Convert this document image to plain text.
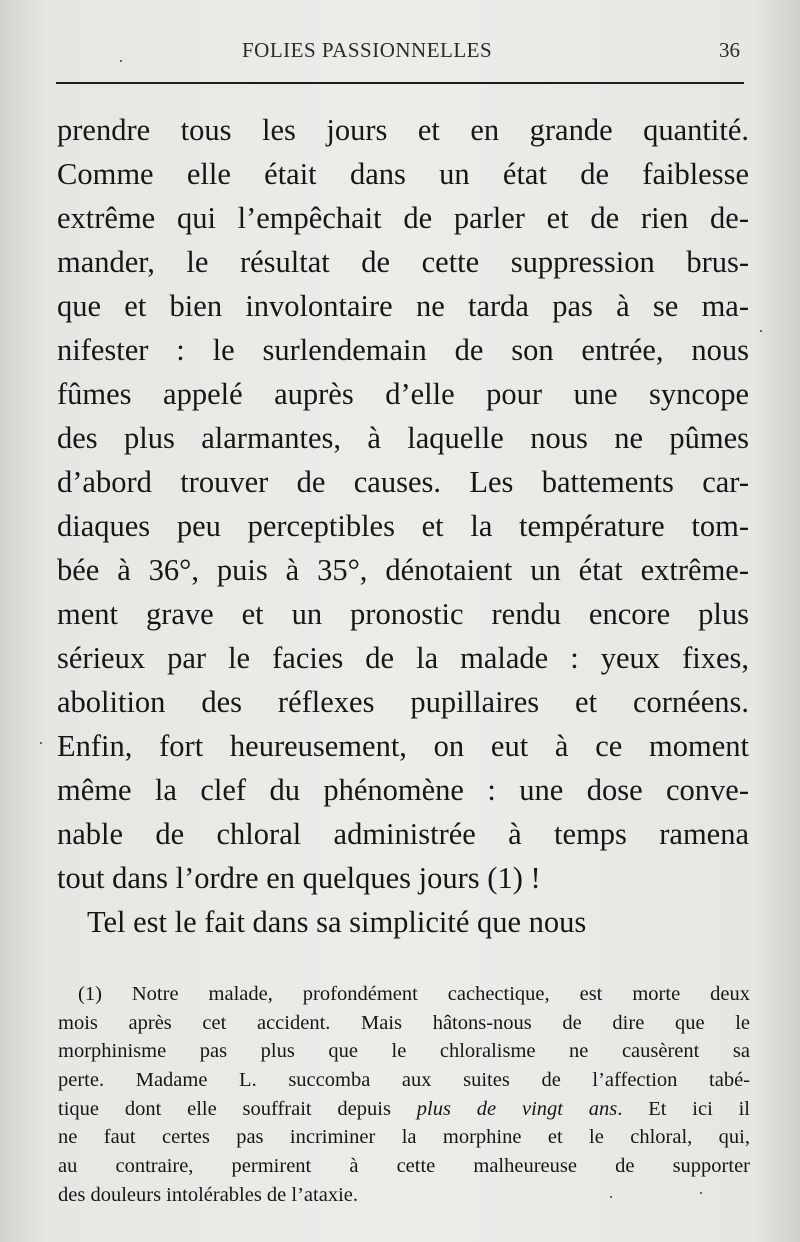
FOLIES PASSIONNELLES	36
prendre tous les jours et en grande quantité.
Comme elle était dans un état de faiblesse
extrême qui l’empêchait de parler et de rien de-
mander, le résultat de cette suppression brus-
que et bien involontaire ne tarda pas à se ma-
nifester : le surlendemain de son entrée, nous
fûmes appelé auprès d’elle pour une syncope
des plus alarmantes, à laquelle nous ne pûmes
d’abord trouver de causes. Les battements car-
diaques peu perceptibles et la température tom-
bée à 36°, puis à 35°, dénotaient un état extrême-
ment grave et un pronostic rendu encore plus
sérieux par le facies de la malade : yeux fixes,
abolition des réflexes pupillaires et cornéens.
Enfin, fort heureusement, on eut à ce moment
même la clef du phénomène : une dose conve-
nable de chloral administrée à temps ramena
tout dans l’ordre en quelques jours (1) !
Tel est le fait dans sa simplicité que nous
(1) Notre malade, profondément cachectique, est morte deux
mois après cet accident. Mais hâtons-nous de dire que le
morphinisme pas plus que le chloralisme ne causèrent sa
perte. Madame L. succomba aux suites de l’affection tabé-
tique dont elle souffrait depuis plus de vingt ans. Et ici il
ne faut certes pas incriminer la morphine et le chloral, qui,
au contraire, permirent à cette malheureuse de supporter
des douleurs intolérables de l’ataxie.
